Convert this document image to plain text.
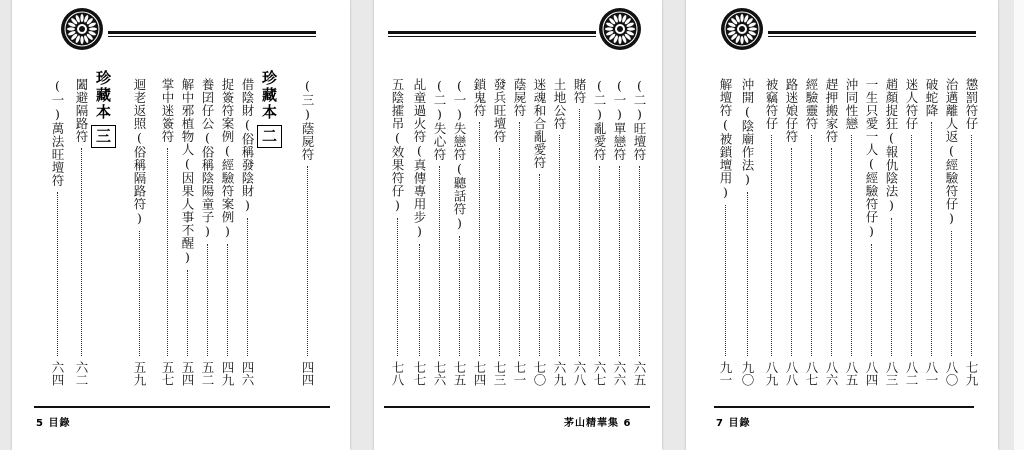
(三)蔭屍符
四四
珍藏本二
借陰財(俗稱發陰財)
四六
捉簽符案例(經驗符案例)
四九
養囝仔公(俗稱陰陽童子)
五二
解中邪植物人(因果人事不醒)
五四
掌中迷簽符
五七
迴老返照(俗稱隔路符)
五九
珍藏本三
闔避隔路符
六二
(一)萬法旺壇符
六四
5 目錄
(二)旺壇符
六五
(一)單戀符
六六
(二)亂愛符
六七
賭符
六八
土地公符
六九
迷魂和合亂愛符
七〇
蔭屍符
七一
發兵旺壇符
七三
鎖鬼符
七四
(一)失戀符(聽話符)
七五
(二)失心符
七六
乩童過火符(真傳專用步)
七七
五陰攉吊(效果符仔)
七八
茅山精華集 6
懲罰符仔
七九
治邁離人返(經驗符仔)
八〇
破蛇降
八一
迷人符仔
八二
趙顏捉狂(報仇陰法)
八三
一生只愛一人(經驗符仔)
八四
沖同性戀
八五
趕押搬家符
八六
經驗靈符
八七
路迷娘仔符
八八
被竊符仔
八九
沖開(陰廟作法)
九〇
解壇符(被鎖壇用)
九一
7 目錄
